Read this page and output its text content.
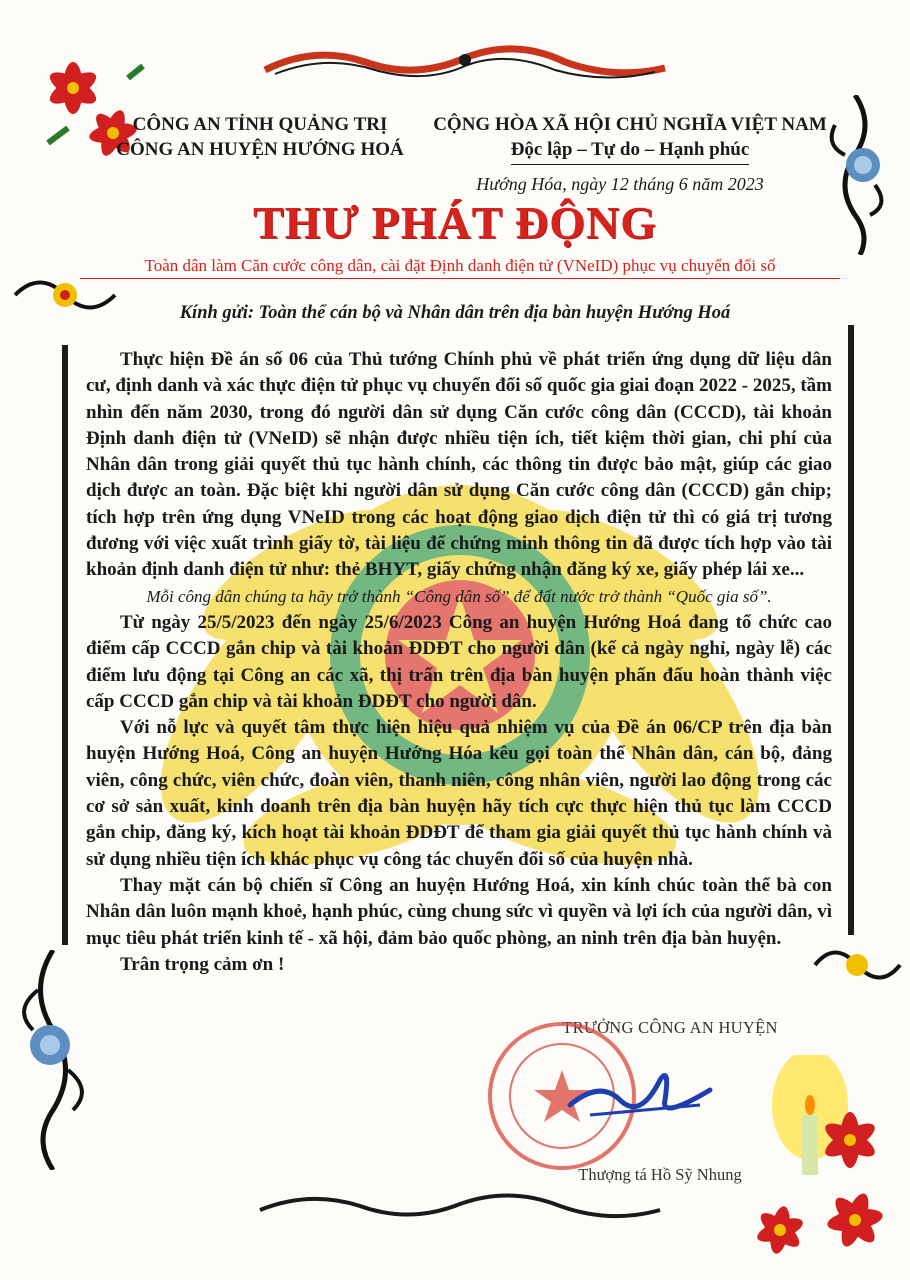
CÔNG AN TỈNH QUẢNG TRỊ
CÔNG AN HUYỆN HƯỚNG HOÁ
CỘNG HÒA XÃ HỘI CHỦ NGHĨA VIỆT NAM
Độc lập – Tự do – Hạnh phúc
Hướng Hóa, ngày 12 tháng 6 năm 2023
THƯ PHÁT ĐỘNG
Toàn dân làm Căn cước công dân, cài đặt Định danh điện tử (VNeID) phục vụ chuyển đổi số
Kính gửi: Toàn thể cán bộ và Nhân dân trên địa bàn huyện Hướng Hoá

Thực hiện Đề án số 06 của Thủ tướng Chính phủ về phát triển ứng dụng dữ liệu dân cư, định danh và xác thực điện tử phục vụ chuyển đổi số quốc gia giai đoạn 2022 - 2025, tầm nhìn đến năm 2030, trong đó người dân sử dụng Căn cước công dân (CCCD), tài khoản Định danh điện tử (VNeID) sẽ nhận được nhiều tiện ích, tiết kiệm thời gian, chi phí của Nhân dân trong giải quyết thủ tục hành chính, các thông tin được bảo mật, giúp các giao dịch được an toàn. Đặc biệt khi người dân sử dụng Căn cước công dân (CCCD) gắn chip; tích hợp trên ứng dụng VNeID trong các hoạt động giao dịch điện tử thì có giá trị tương đương với việc xuất trình giấy tờ, tài liệu để chứng minh thông tin đã được tích hợp vào tài khoản định danh điện tử như: thẻ BHYT, giấy chứng nhận đăng ký xe, giấy phép lái xe...

Mỗi công dân chúng ta hãy trở thành “Công dân số” để đất nước trở thành “Quốc gia số”.

Từ ngày 25/5/2023 đến ngày 25/6/2023 Công an huyện Hướng Hoá đang tổ chức cao điểm cấp CCCD gắn chip và tài khoản ĐDĐT cho người dân (kể cả ngày nghỉ, ngày lễ) các điểm lưu động tại Công an các xã, thị trấn trên địa bàn huyện phấn đấu hoàn thành việc cấp CCCD gắn chip và tài khoản ĐDĐT cho người dân.

Với nỗ lực và quyết tâm thực hiện hiệu quả nhiệm vụ của Đề án 06/CP trên địa bàn huyện Hướng Hoá, Công an huyện Hướng Hóa kêu gọi toàn thể Nhân dân, cán bộ, đảng viên, công chức, viên chức, đoàn viên, thanh niên, công nhân viên, người lao động trong các cơ sở sản xuất, kinh doanh trên địa bàn huyện hãy tích cực thực hiện thủ tục làm CCCD gắn chip, đăng ký, kích hoạt tài khoản ĐDĐT để tham gia giải quyết thủ tục hành chính và sử dụng nhiều tiện ích khác phục vụ công tác chuyển đổi số của huyện nhà.

Thay mặt cán bộ chiến sĩ Công an huyện Hướng Hoá, xin kính chúc toàn thể bà con Nhân dân luôn mạnh khoẻ, hạnh phúc, cùng chung sức vì quyền và lợi ích của người dân, vì mục tiêu phát triển kinh tế - xã hội, đảm bảo quốc phòng, an ninh trên địa bàn huyện.

Trân trọng cảm ơn !

TRƯỞNG CÔNG AN HUYỆN
Thượng tá Hồ Sỹ Nhung
